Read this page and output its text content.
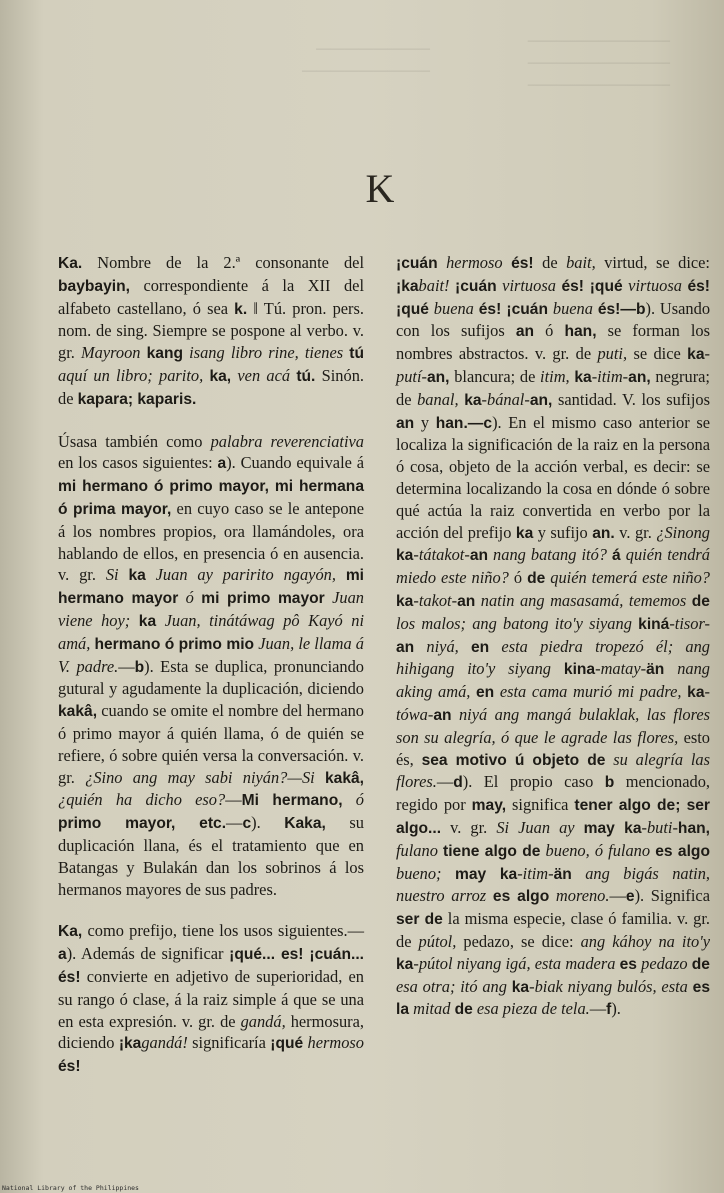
————————
—————————
——————————
——————————
——————————
K

Ka. Nombre de la 2.ª consonante del baybayin, correspondiente á la XII del alfabeto castellano, ó sea k. ‖ Tú. pron. pers. nom. de sing. Siempre se pospone al verbo. v. gr. Mayroon kang isang libro rine, tienes tú aquí un libro; parito, ka, ven acá tú. Sinón. de kapara; kaparis.

Úsasa también como palabra reverenciativa en los casos siguientes: a). Cuando equivale á mi hermano ó primo mayor, mi hermana ó prima mayor, en cuyo caso se le antepone á los nombres propios, ora llamándoles, ora hablando de ellos, en presencia ó en ausencia. v. gr. Si ka Juan ay paririto ngayón, mi hermano mayor ó mi primo mayor Juan viene hoy; ka Juan, tinátáwag pô Kayó ni amá, hermano ó primo mio Juan, le llama á V. padre.—b). Esta se duplica, pronunciando gutural y agudamente la duplicación, diciendo kakâ, cuando se omite el nombre del hermano ó primo mayor á quién llama, ó de quién se refiere, ó sobre quién versa la conversación. v. gr. ¿Sino ang may sabi niyán?—Si kakâ, ¿quién ha dicho eso?—Mi hermano, ó primo mayor, etc.—c). Kaka, su duplicación llana, és el tratamiento que en Batangas y Bulakán dan los sobrinos á los hermanos mayores de sus padres.

Ka, como prefijo, tiene los usos siguientes.—a). Además de significar ¡qué... es! ¡cuán... és! convierte en adjetivo de superioridad, en su rango ó clase, á la raiz simple á que se una en esta expresión. v. gr. de gandá, hermosura, diciendo ¡kagandá! significaría ¡qué hermoso és!

¡cuán hermoso és! de bait, virtud, se dice: ¡kabait! ¡cuán virtuosa és! ¡qué virtuosa és! ¡qué buena és! ¡cuán buena és!—b). Usando con los sufijos an ó han, se forman los nombres abstractos. v. gr. de puti, se dice ka-putí-an, blancura; de itim, ka-itim-an, negrura; de banal, ka-bánal-an, santidad. V. los sufijos an y han.—c). En el mismo caso anterior se localiza la significación de la raiz en la persona ó cosa, objeto de la acción verbal, es decir: se determina localizando la cosa en dónde ó sobre qué actúa la raiz convertida en verbo por la acción del prefijo ka y sufijo an. v. gr. ¿Sinong ka-tátakot-an nang batang itó? á quién tendrá miedo este niño? ó de quién temerá este niño? ka-takot-an natin ang masasamá, tememos de los malos; ang batong ito'y siyang kiná-tisor-an niyá, en esta piedra tropezó él; ang hihigang ito'y siyang kina-matay-än nang aking amá, en esta cama murió mi padre, ka-tówa-an niyá ang mangá bulaklak, las flores son su alegría, ó que le agrade las flores, esto és, sea motivo ú objeto de su alegría las flores.—d). El propio caso b mencionado, regido por may, significa tener algo de; ser algo... v. gr. Si Juan ay may ka-buti-han, fulano tiene algo de bueno, ó fulano es algo bueno; may ka-itim-än ang bigás natin, nuestro arroz es algo moreno.—e). Significa ser de la misma especie, clase ó familia. v. gr. de pútol, pedazo, se dice: ang káhoy na ito'y ka-pútol niyang igá, esta madera es pedazo de esa otra; itó ang ka-biak niyang bulós, esta es la mitad de esa pieza de tela.—f).

National Library of the Philippines
